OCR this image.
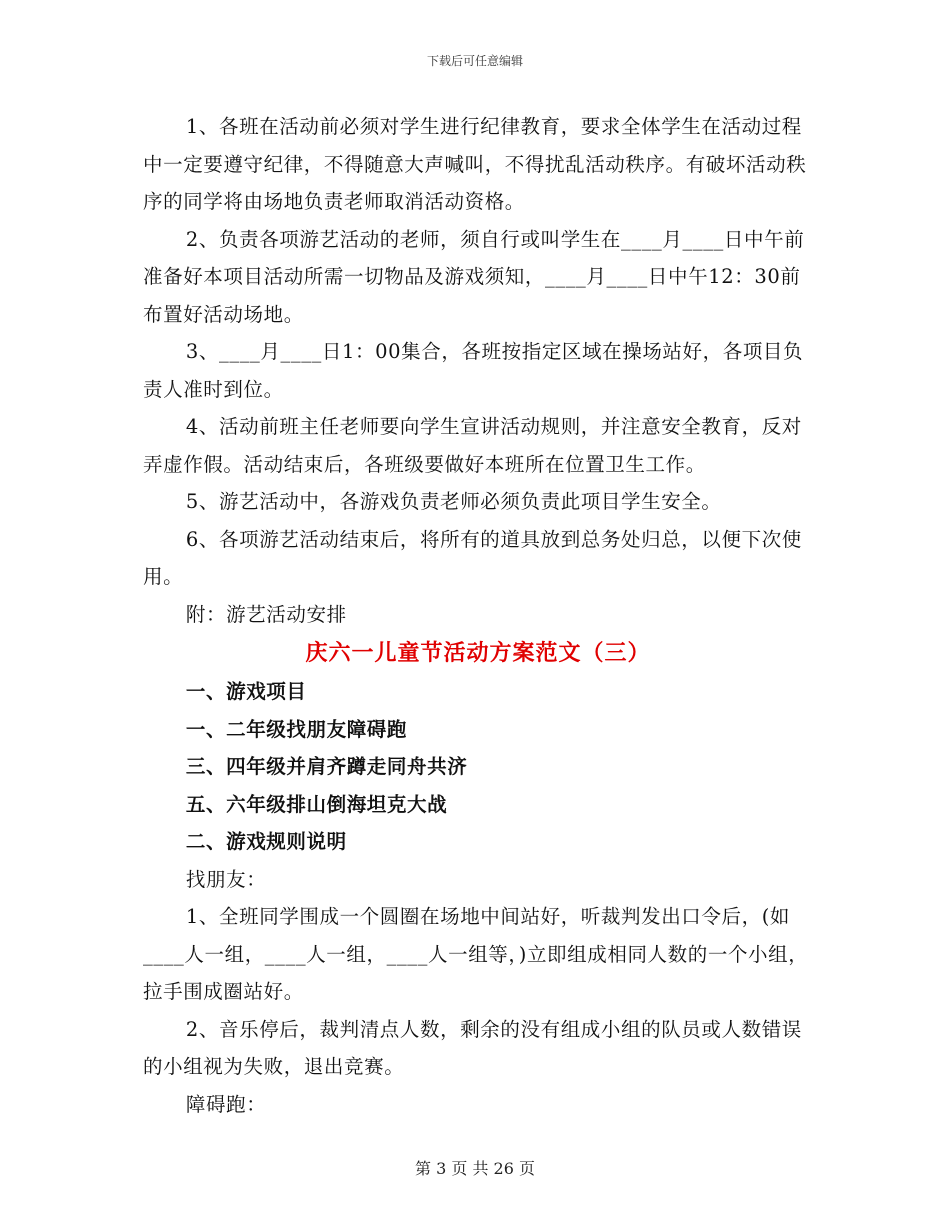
下载后可任意编辑

1、各班在活动前必须对学生进行纪律教育，要求全体学生在活动过程中一定要遵守纪律，不得随意大声喊叫，不得扰乱活动秩序。有破坏活动秩序的同学将由场地负责老师取消活动资格。

2、负责各项游艺活动的老师，须自行或叫学生在____月____日中午前准备好本项目活动所需一切物品及游戏须知，____月____日中午12：30前布置好活动场地。

3、____月____日1：00集合，各班按指定区域在操场站好，各项目负责人准时到位。

4、活动前班主任老师要向学生宣讲活动规则，并注意安全教育，反对弄虚作假。活动结束后，各班级要做好本班所在位置卫生工作。

5、游艺活动中，各游戏负责老师必须负责此项目学生安全。

6、各项游艺活动结束后，将所有的道具放到总务处归总，以便下次使用。

附：游艺活动安排

庆六一儿童节活动方案范文（三）

一、游戏项目

一、二年级找朋友障碍跑

三、四年级并肩齐蹲走同舟共济

五、六年级排山倒海坦克大战

二、游戏规则说明

找朋友：

1、全班同学围成一个圆圈在场地中间站好，听裁判发出口令后，(如____人一组，____人一组，____人一组等，)立即组成相同人数的一个小组，拉手围成圈站好。

2、音乐停后，裁判清点人数，剩余的没有组成小组的队员或人数错误的小组视为失败，退出竞赛。

障碍跑：

第 3 页 共 26 页
